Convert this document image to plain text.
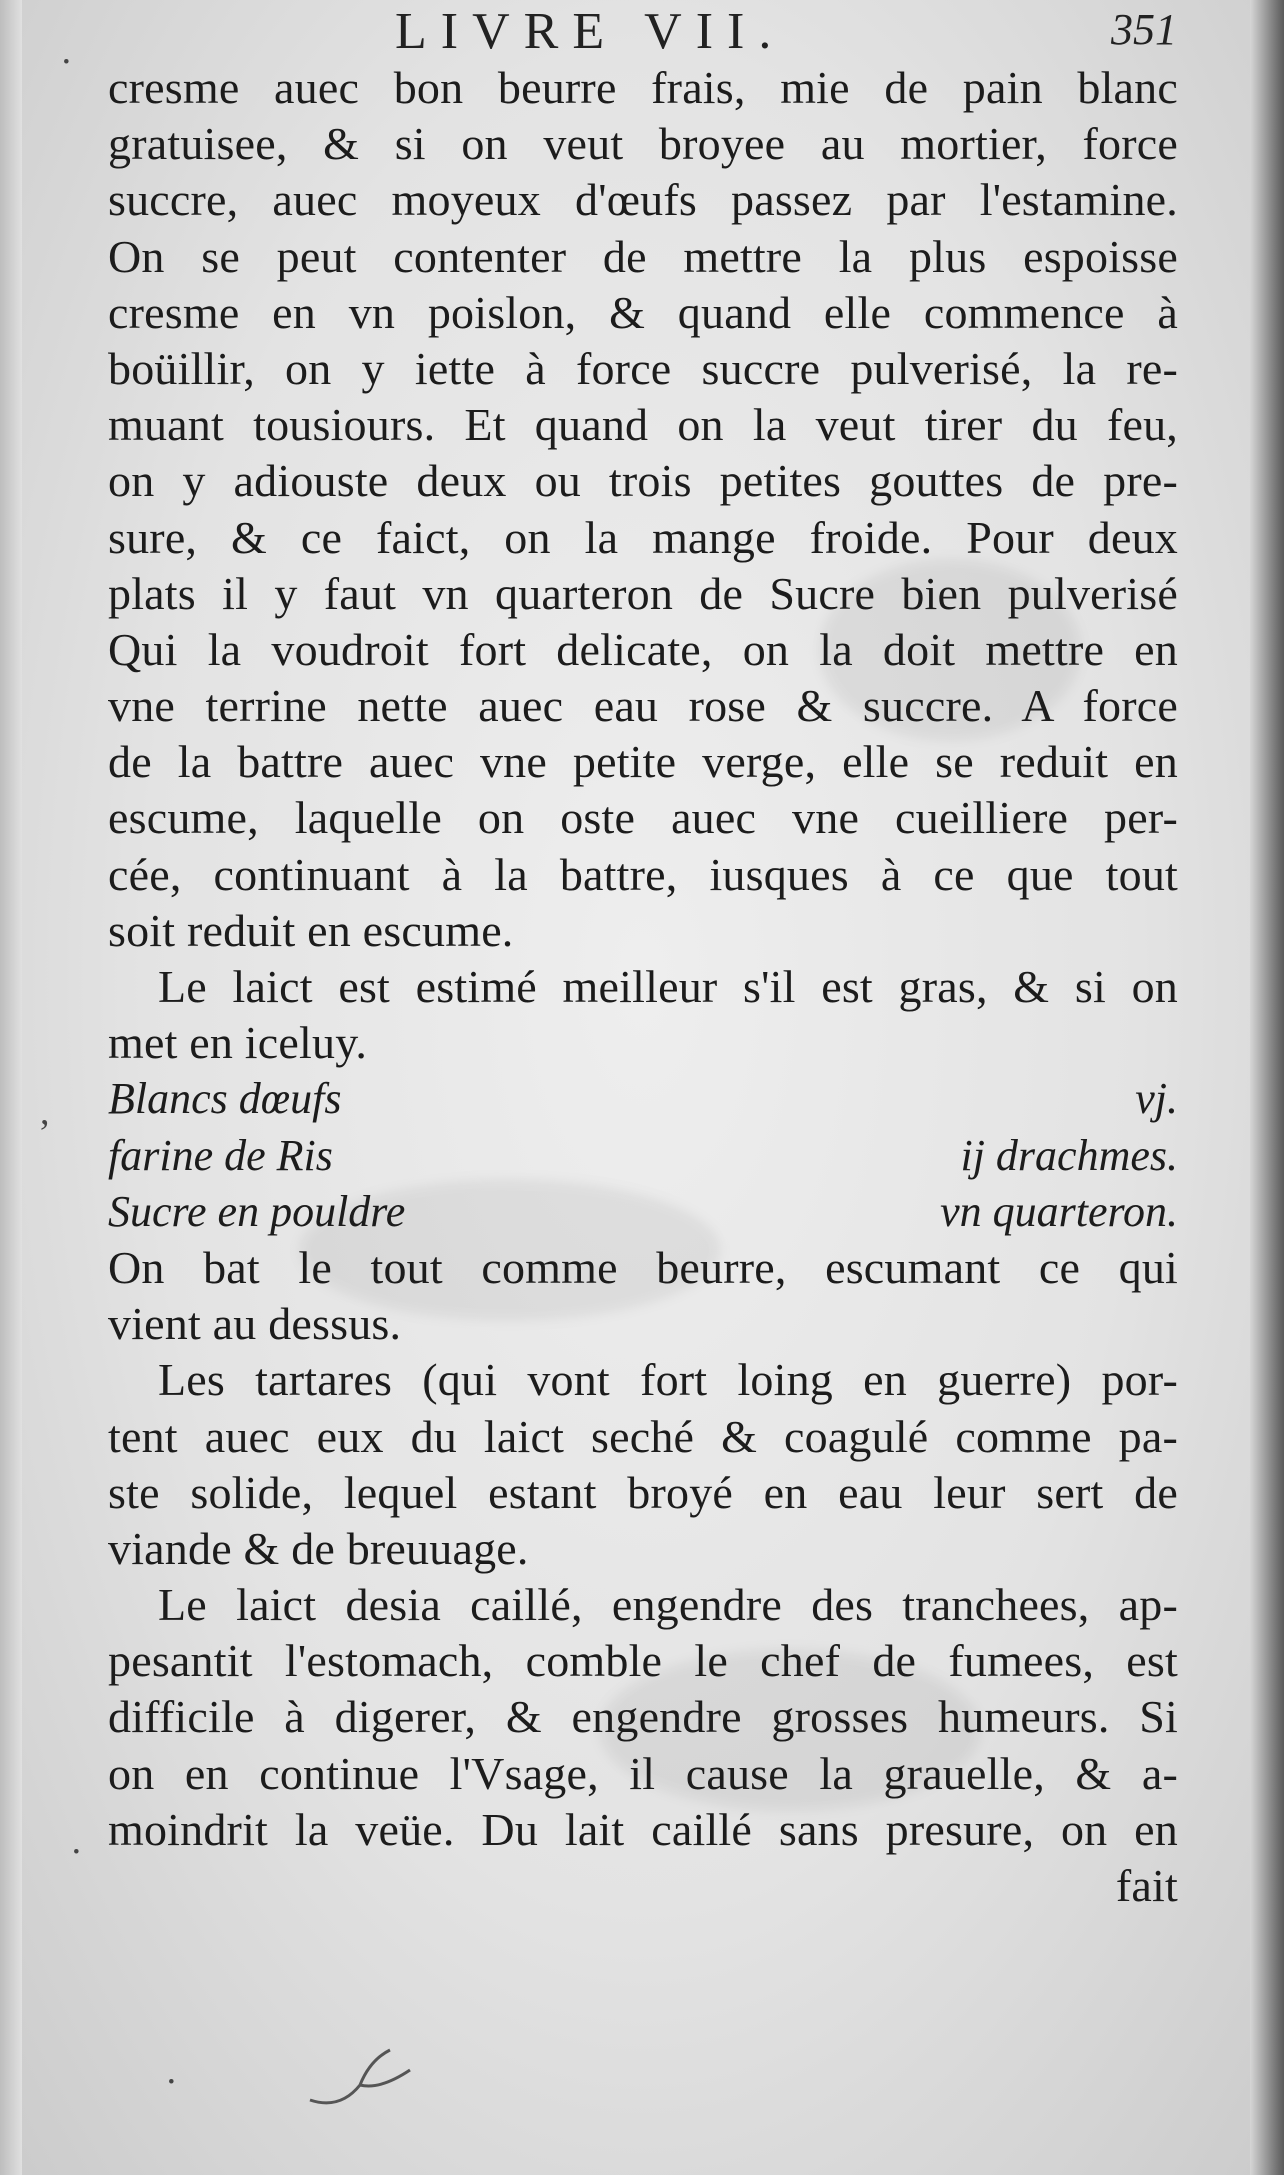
LIVRE VII.	351
cresme auec bon beurre frais, mie de pain blanc
gratuisee, & si on veut broyee au mortier, force
succre, auec moyeux d'œufs passez par l'estamine.
On se peut contenter de mettre la plus espoisse
cresme en vn poislon, & quand elle commence à
boüillir, on y iette à force succre pulverisé, la re-
muant tousiours. Et quand on la veut tirer du feu,
on y adiouste deux ou trois petites gouttes de pre-
sure, & ce faict, on la mange froide. Pour deux
plats il y faut vn quarteron de Sucre bien pulverisé
Qui la voudroit fort delicate, on la doit mettre en
vne terrine nette auec eau rose & succre. A force
de la battre auec vne petite verge, elle se reduit en
escume, laquelle on oste auec vne cueilliere per-
cée, continuant à la battre, iusques à ce que tout
soit reduit en escume.
Le laict est estimé meilleur s'il est gras, & si on
met en iceluy.
Blancs dœufs	vj.
farine de Ris	ij drachmes.
Sucre en pouldre	vn quarteron.
On bat le tout comme beurre, escumant ce qui
vient au dessus.
Les tartares (qui vont fort loing en guerre) por-
tent auec eux du laict seché & coagulé comme pa-
ste solide, lequel estant broyé en eau leur sert de
viande & de breuuage.
Le laict desia caillé, engendre des tranchees, ap-
pesantit l'estomach, comble le chef de fumees, est
difficile à digerer, & engendre grosses humeurs. Si
on en continue l'Vsage, il cause la grauelle, & a-
moindrit la veüe. Du lait caillé sans presure, on en
fait
·
,
·
·
